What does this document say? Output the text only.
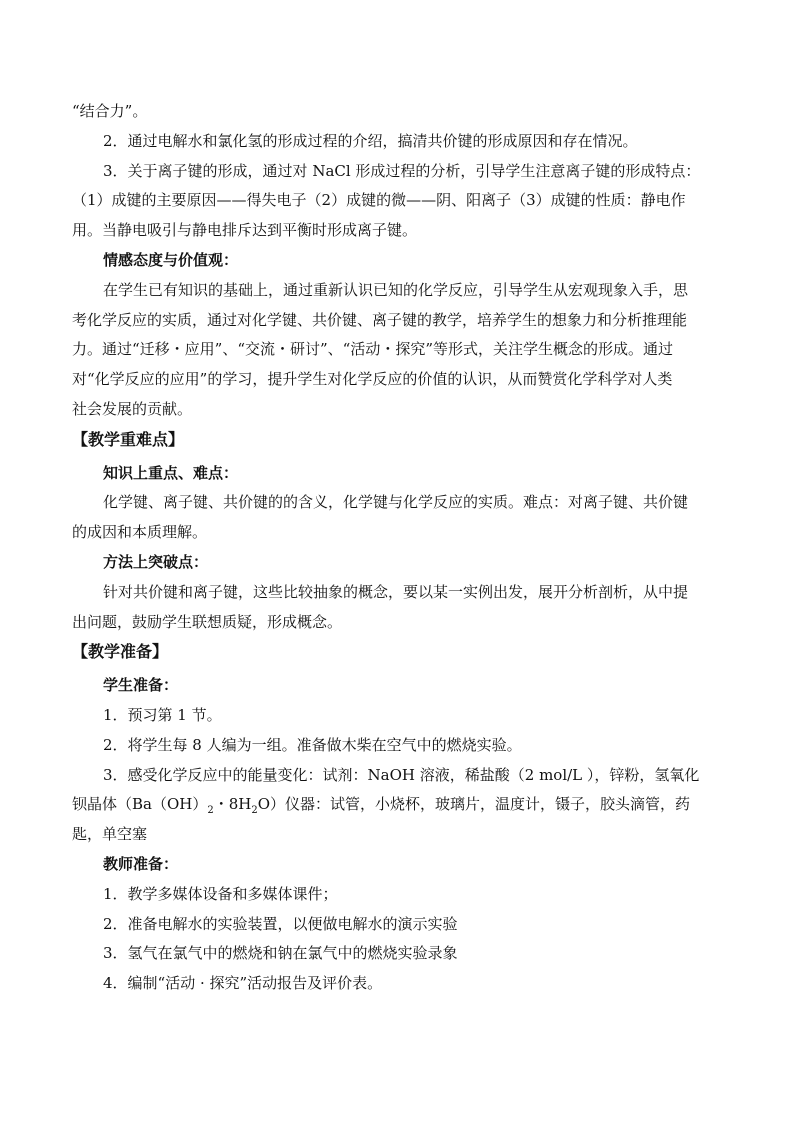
“结合力”。
2．通过电解水和氯化氢的形成过程的介绍，搞清共价键的形成原因和存在情况。
3．关于离子键的形成，通过对 NaCl 形成过程的分析，引导学生注意离子键的形成特点：
（1）成键的主要原因——得失电子（2）成键的微——阴、阳离子（3）成键的性质：静电作
用。当静电吸引与静电排斥达到平衡时形成离子键。
情感态度与价值观：
在学生已有知识的基础上，通过重新认识已知的化学反应，引导学生从宏观现象入手，思
考化学反应的实质，通过对化学键、共价键、离子键的教学，培养学生的想象力和分析推理能
力。通过“迁移・应用”、“交流・研讨”、“活动・探究”等形式，关注学生概念的形成。通过
对“化学反应的应用”的学习，提升学生对化学反应的价值的认识，从而赞赏化学科学对人类
社会发展的贡献。
【教学重难点】
知识上重点、难点：
化学键、离子键、共价键的的含义，化学键与化学反应的实质。难点：对离子键、共价键
的成因和本质理解。
方法上突破点：
针对共价键和离子键，这些比较抽象的概念，要以某一实例出发，展开分析剖析，从中提
出问题，鼓励学生联想质疑，形成概念。
【教学准备】
学生准备：
1．预习第 1 节。
2．将学生每 8 人编为一组。准备做木柴在空气中的燃烧实验。
3．感受化学反应中的能量变化：试剂：NaOH 溶液，稀盐酸（2 mol/L ），锌粉，氢氧化
钡晶体（$Ba(OH)_2$・$8H_2O$）仪器：试管，小烧杯，玻璃片，温度计，镊子，胶头滴管，药
匙，单空塞
教师准备：
1．教学多媒体设备和多媒体课件；
2．准备电解水的实验装置，以便做电解水的演示实验
3．氢气在氯气中的燃烧和钠在氯气中的燃烧实验录象
4．编制“活动 · 探究”活动报告及评价表。
